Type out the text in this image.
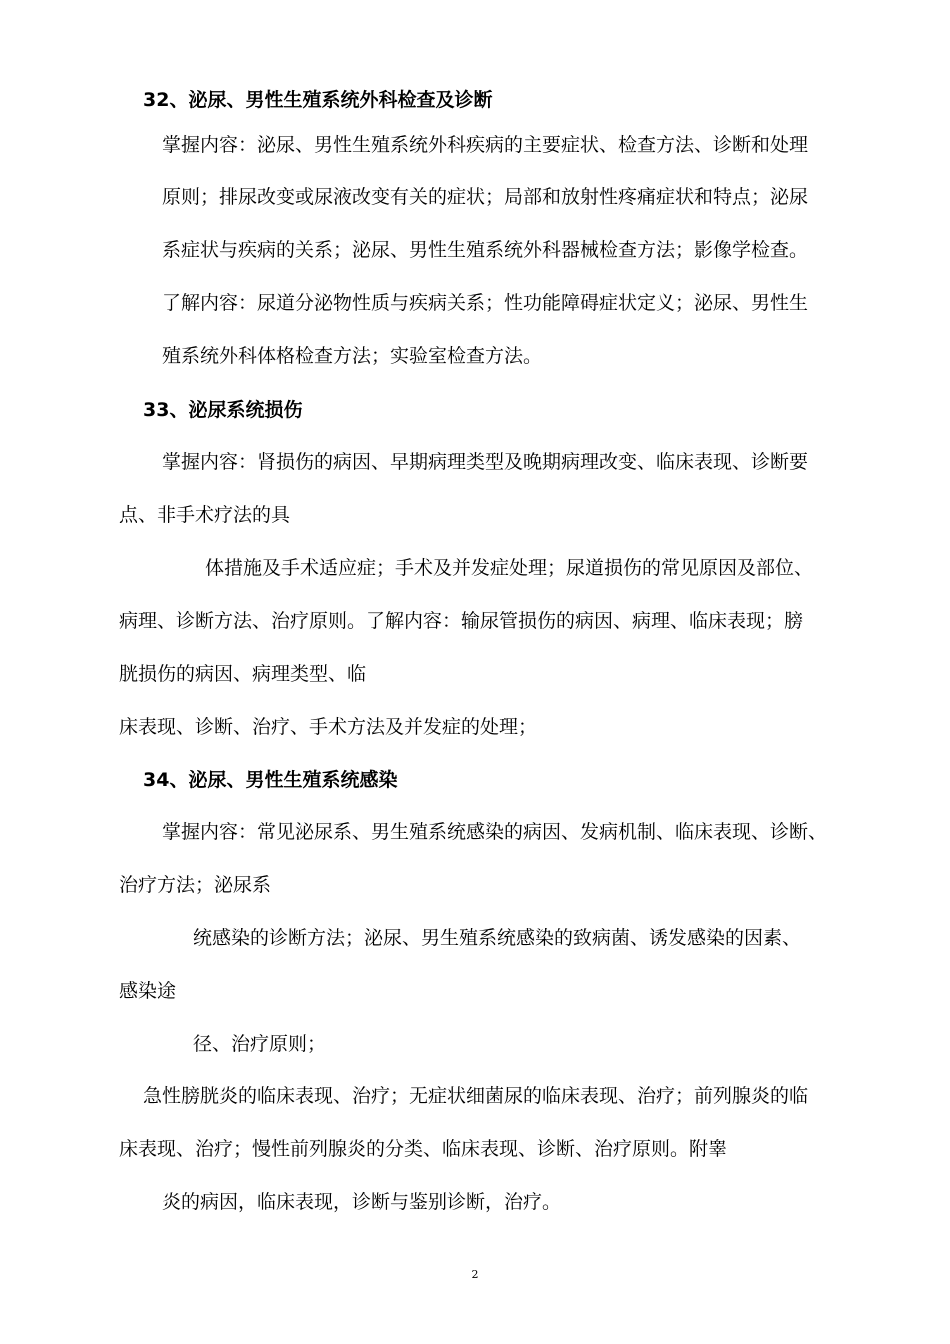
32、泌尿、男性生殖系统外科检查及诊断
掌握内容：泌尿、男性生殖系统外科疾病的主要症状、检查方法、诊断和处理
原则；排尿改变或尿液改变有关的症状；局部和放射性疼痛症状和特点；泌尿
系症状与疾病的关系；泌尿、男性生殖系统外科器械检查方法；影像学检查。
了解内容：尿道分泌物性质与疾病关系；性功能障碍症状定义；泌尿、男性生
殖系统外科体格检查方法；实验室检查方法。
33、泌尿系统损伤
掌握内容：肾损伤的病因、早期病理类型及晚期病理改变、临床表现、诊断要
点、非手术疗法的具
体措施及手术适应症；手术及并发症处理；尿道损伤的常见原因及部位、
病理、诊断方法、治疗原则。了解内容：输尿管损伤的病因、病理、临床表现；膀
胱损伤的病因、病理类型、临
床表现、诊断、治疗、手术方法及并发症的处理；
34、泌尿、男性生殖系统感染
掌握内容：常见泌尿系、男生殖系统感染的病因、发病机制、临床表现、诊断、
治疗方法；泌尿系
统感染的诊断方法；泌尿、男生殖系统感染的致病菌、诱发感染的因素、
感染途
径、治疗原则；
急性膀胱炎的临床表现、治疗；无症状细菌尿的临床表现、治疗；前列腺炎的临
床表现、治疗；慢性前列腺炎的分类、临床表现、诊断、治疗原则。附睾
炎的病因，临床表现，诊断与鉴别诊断，治疗。
2
